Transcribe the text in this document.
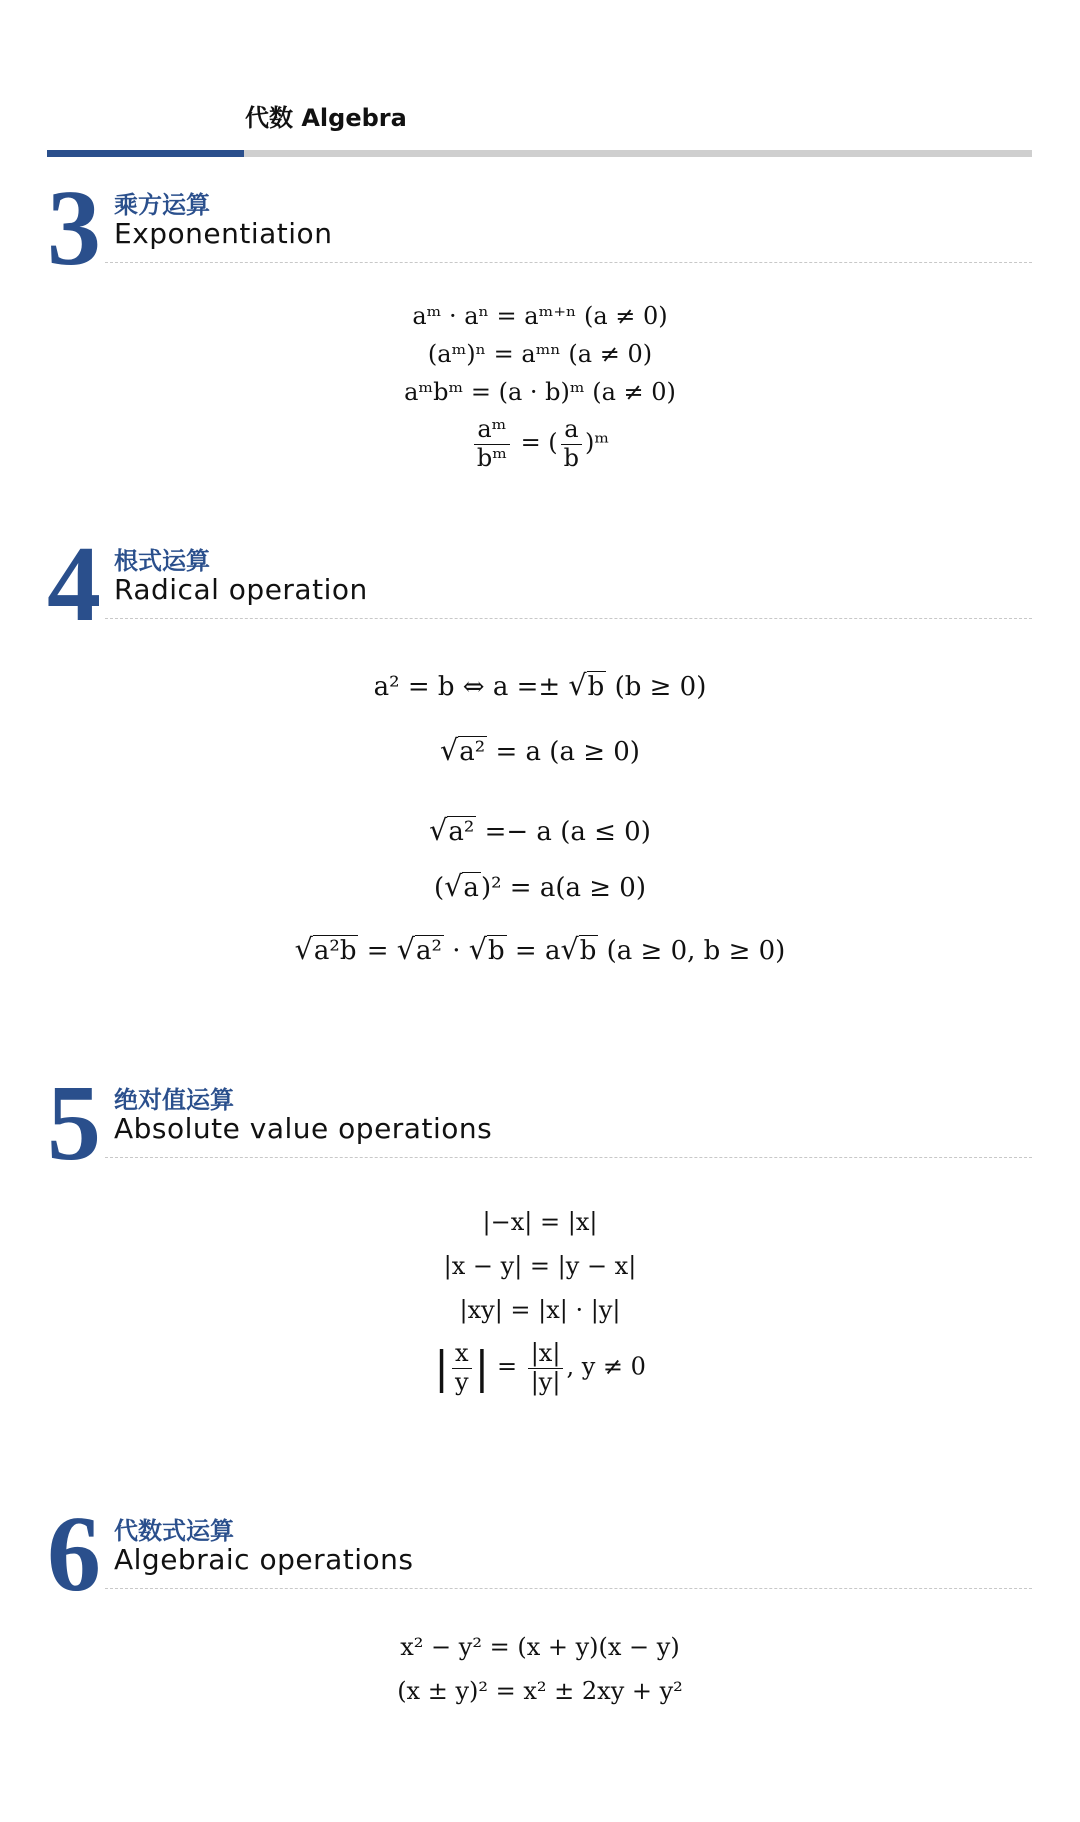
代数 Algebra
3 乘方运算
Exponentiation
aᵐ · aⁿ = aᵐ⁺ⁿ (a ≠ 0)
(aᵐ)ⁿ = aᵐⁿ (a ≠ 0)
aᵐbᵐ = (a · b)ᵐ (a ≠ 0)
$\frac{\text{aᵐ}}{\text{bᵐ}}$ = ( $\frac{a}{b}$ )ᵐ
4 根式运算
Radical operation
a² = b ⇔ a =± √b (b ≥ 0)
√a² = a (a ≥ 0)
√a² =− a (a ≤ 0)
(√a)² = a(a ≥ 0)
√a²b = √a² · √b = a√b (a ≥ 0, b ≥ 0)
5 绝对值运算
Absolute value operations
|−x| = |x|
|x − y| = |y − x|
|xy| = |x| · |y|
| $\frac{x}{y}$ | = $\frac{|x|}{|y|}$ , y ≠ 0
6 代数式运算
Algebraic operations
x² − y² = (x + y)(x − y)
(x ± y)² = x² ± 2xy + y²
